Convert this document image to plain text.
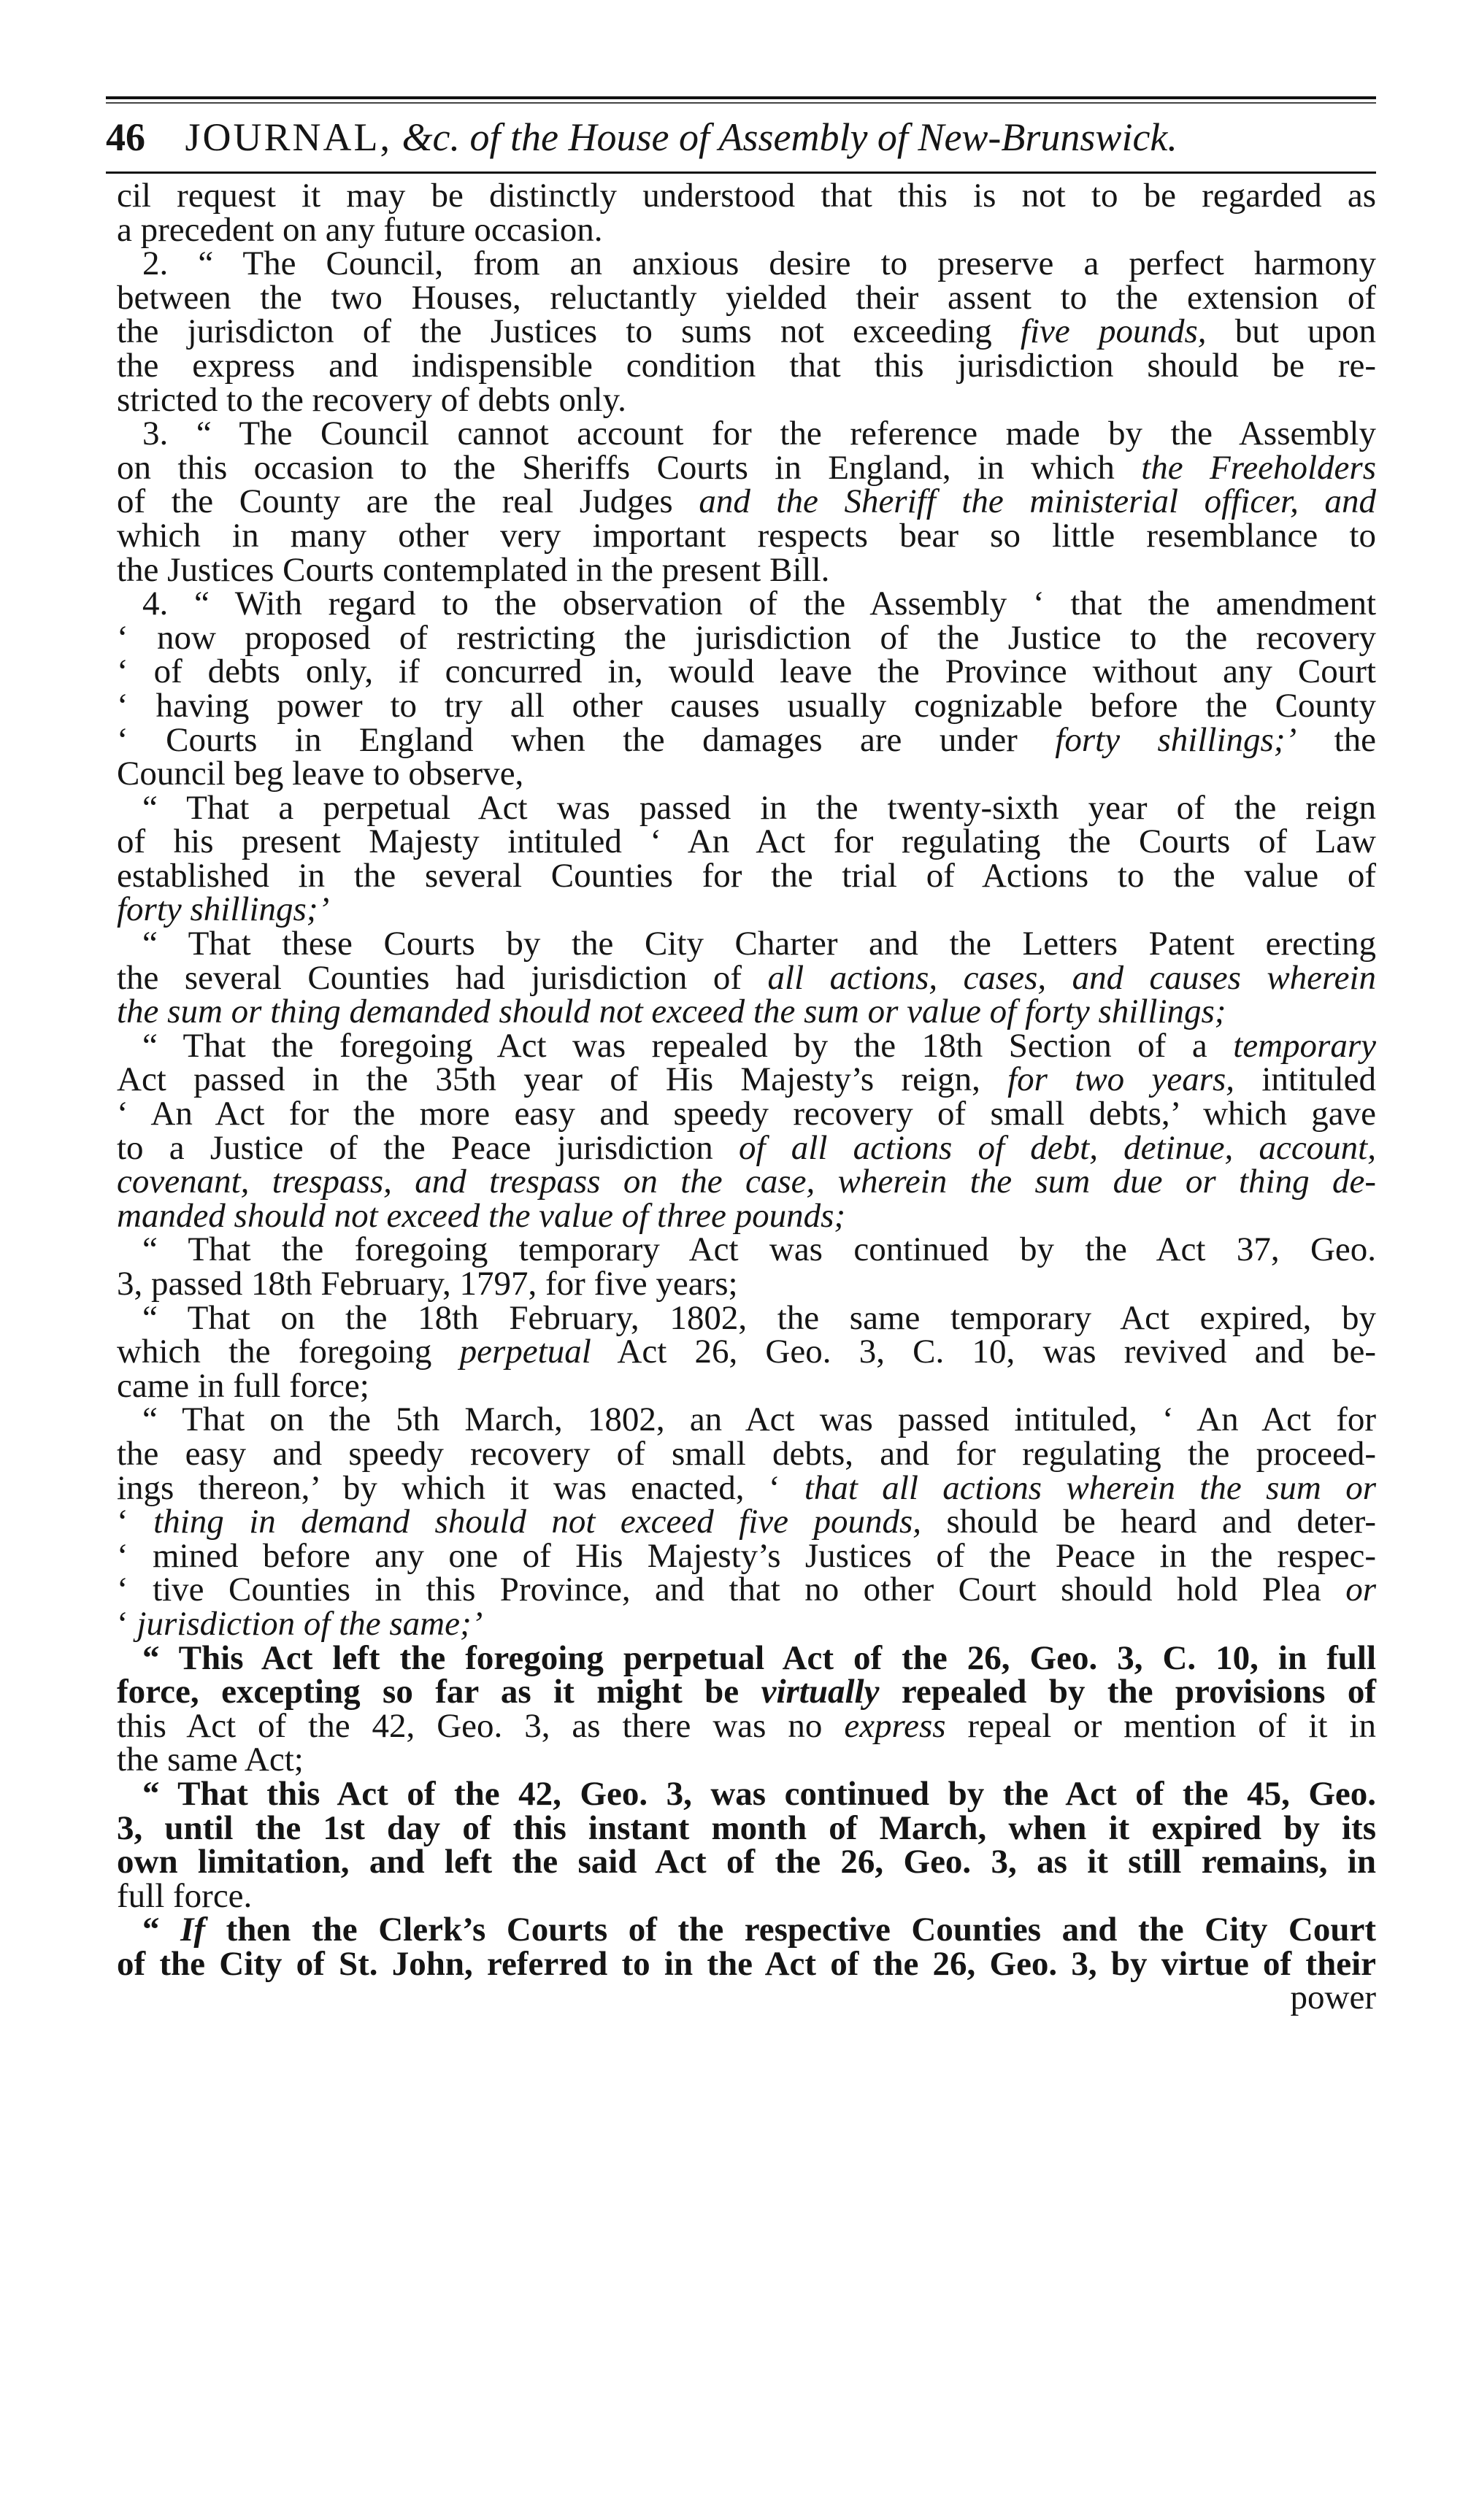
46 JOURNAL, &c. of the House of Assembly of New-Brunswick.
cil request it may be distinctly understood that this is not to be regarded as
a precedent on any future occasion.
2. “ The Council, from an anxious desire to preserve a perfect harmony
between the two Houses, reluctantly yielded their assent to the extension of
the jurisdicton of the Justices to sums not exceeding five pounds, but upon
the express and indispensible condition that this jurisdiction should be re-
stricted to the recovery of debts only.
3. “ The Council cannot account for the reference made by the Assembly
on this occasion to the Sheriffs Courts in England, in which the Freeholders
of the County are the real Judges and the Sheriff the ministerial officer, and
which in many other very important respects bear so little resemblance to
the Justices Courts contemplated in the present Bill.
4. “ With regard to the observation of the Assembly ‘ that the amendment
‘ now proposed of restricting the jurisdiction of the Justice to the recovery
‘ of debts only, if concurred in, would leave the Province without any Court
‘ having power to try all other causes usually cognizable before the County
‘ Courts in England when the damages are under forty shillings;’ the
Council beg leave to observe,
“ That a perpetual Act was passed in the twenty-sixth year of the reign
of his present Majesty intituled ‘ An Act for regulating the Courts of Law
established in the several Counties for the trial of Actions to the value of
forty shillings;’
“ That these Courts by the City Charter and the Letters Patent erecting
the several Counties had jurisdiction of all actions, cases, and causes wherein
the sum or thing demanded should not exceed the sum or value of forty shillings;
“ That the foregoing Act was repealed by the 18th Section of a temporary
Act passed in the 35th year of His Majesty’s reign, for two years, intituled
‘ An Act for the more easy and speedy recovery of small debts,’ which gave
to a Justice of the Peace jurisdiction of all actions of debt, detinue, account,
covenant, trespass, and trespass on the case, wherein the sum due or thing de-
manded should not exceed the value of three pounds;
“ That the foregoing temporary Act was continued by the Act 37, Geo.
3, passed 18th February, 1797, for five years;
“ That on the 18th February, 1802, the same temporary Act expired, by
which the foregoing perpetual Act 26, Geo. 3, C. 10, was revived and be-
came in full force;
“ That on the 5th March, 1802, an Act was passed intituled, ‘ An Act for
the easy and speedy recovery of small debts, and for regulating the proceed-
ings thereon,’ by which it was enacted, ‘ that all actions wherein the sum or
‘ thing in demand should not exceed five pounds, should be heard and deter-
‘ mined before any one of His Majesty’s Justices of the Peace in the respec-
‘ tive Counties in this Province, and that no other Court should hold Plea or
‘ jurisdiction of the same;’
“ This Act left the foregoing perpetual Act of the 26, Geo. 3, C. 10, in full
force, excepting so far as it might be virtually repealed by the provisions of
this Act of the 42, Geo. 3, as there was no express repeal or mention of it in
the same Act;
“ That this Act of the 42, Geo. 3, was continued by the Act of the 45, Geo.
3, until the 1st day of this instant month of March, when it expired by its
own limitation, and left the said Act of the 26, Geo. 3, as it still remains, in
full force.
“ If then the Clerk’s Courts of the respective Counties and the City Court
of the City of St. John, referred to in the Act of the 26, Geo. 3, by virtue of their
power
